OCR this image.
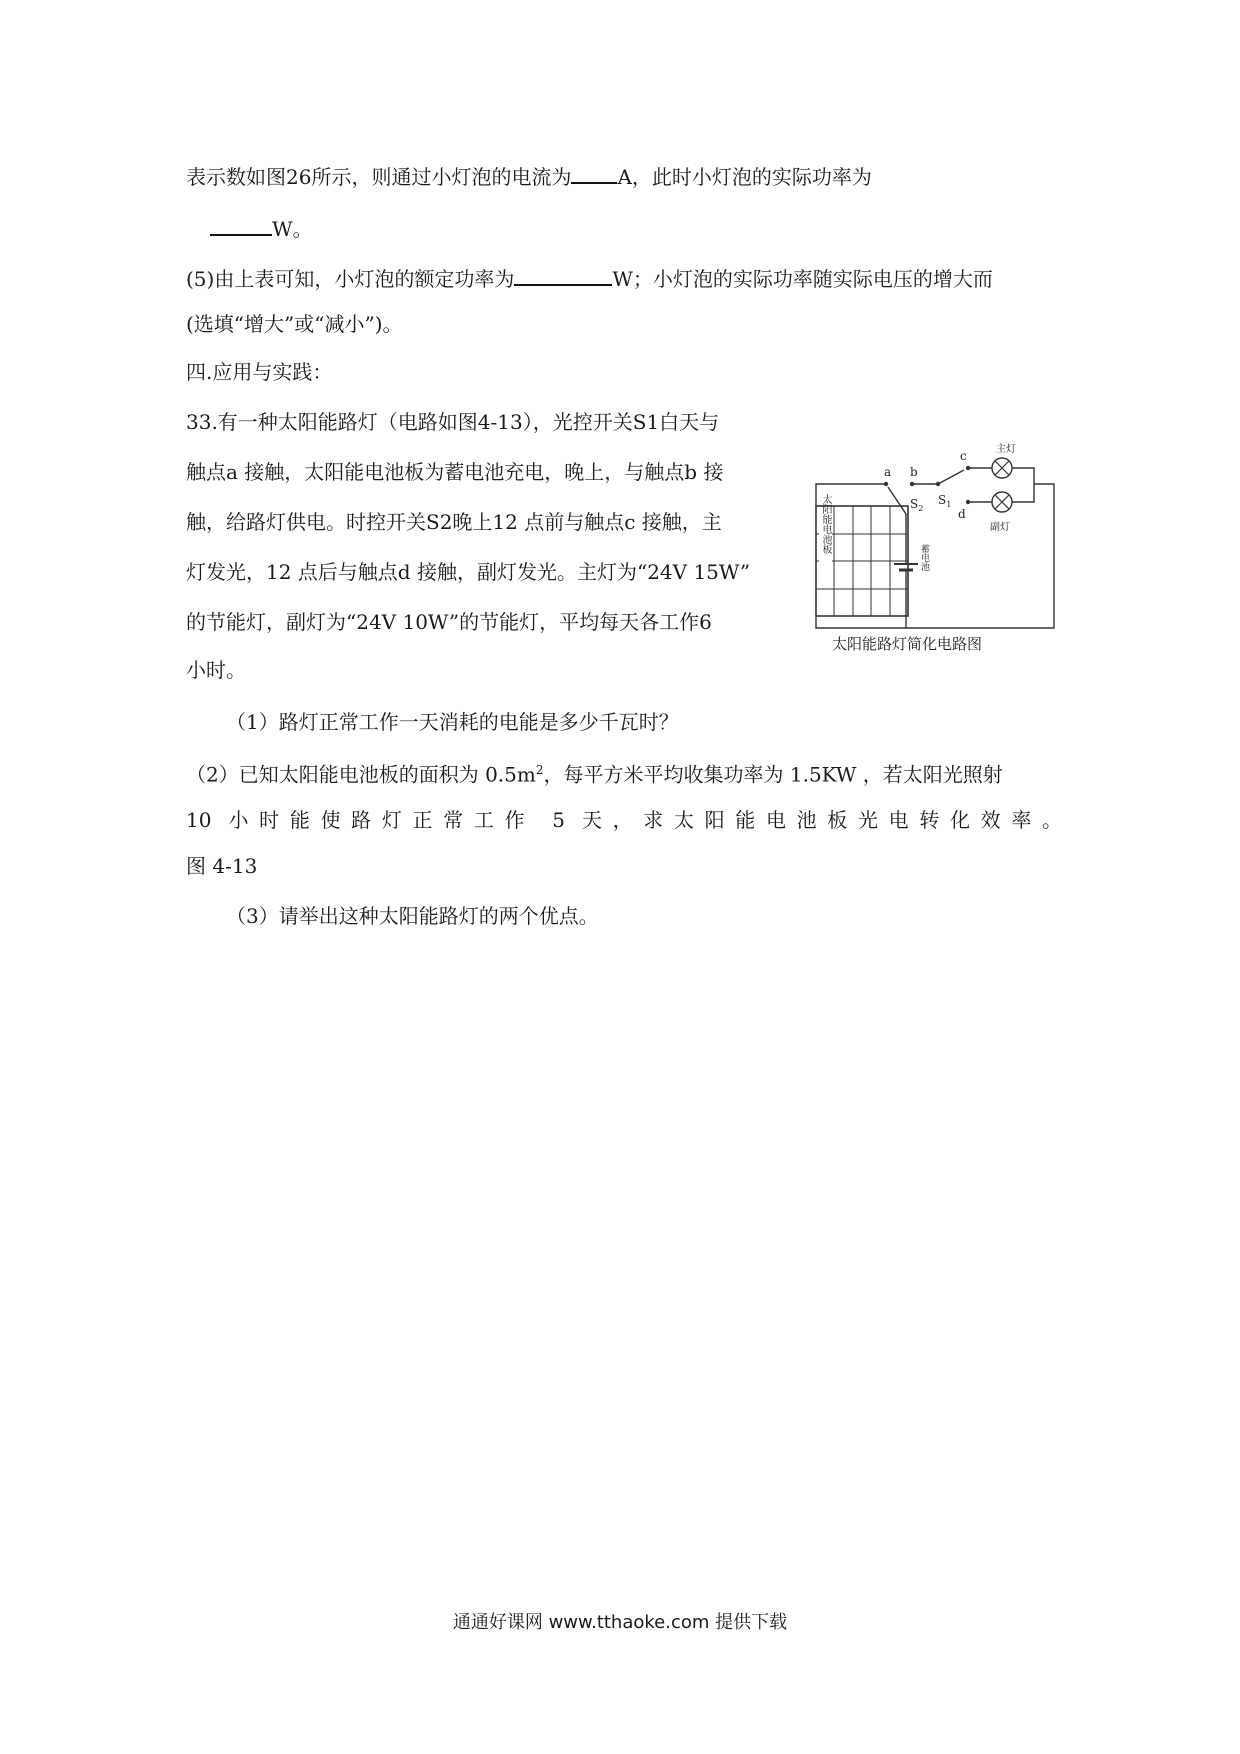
表示数如图26所示，则通过小灯泡的电流为 A，此时小灯泡的实际功率为
W。
(5)由上表可知，小灯泡的额定功率为	W；小灯泡的实际功率随实际电压的增大而
(选填“增大”或“减小”)。
四.应用与实践：
33.有一种太阳能路灯（电路如图4-13），光控开关S1白天与
触点a 接触，太阳能电池板为蓄电池充电，晚上，与触点b 接
触，给路灯供电。时控开关S2晚上12 点前与触点c 接触，主
灯发光，12 点后与触点d 接触，副灯发光。主灯为“24V 15W”
的节能灯，副灯为“24V 10W”的节能灯，平均每天各工作6
小时。
（1）路灯正常工作一天消耗的电能是多少千瓦时？
（2）已知太阳能电池板的面积为 $0.5m^2$，每平方米平均收集功率为 1.5KW ，若太阳光照射
10 小时能使路灯正常工作 5 天，求太阳能电池板光电转化效率。
图 4-13
（3）请举出这种太阳能路灯的两个优点。
太阳能电池板
a b
$S_2$
蓄电池
$S_1$
c
d
主灯
副灯
太阳能路灯简化电路图
通通好课网 www.tthaoke.com 提供下载
